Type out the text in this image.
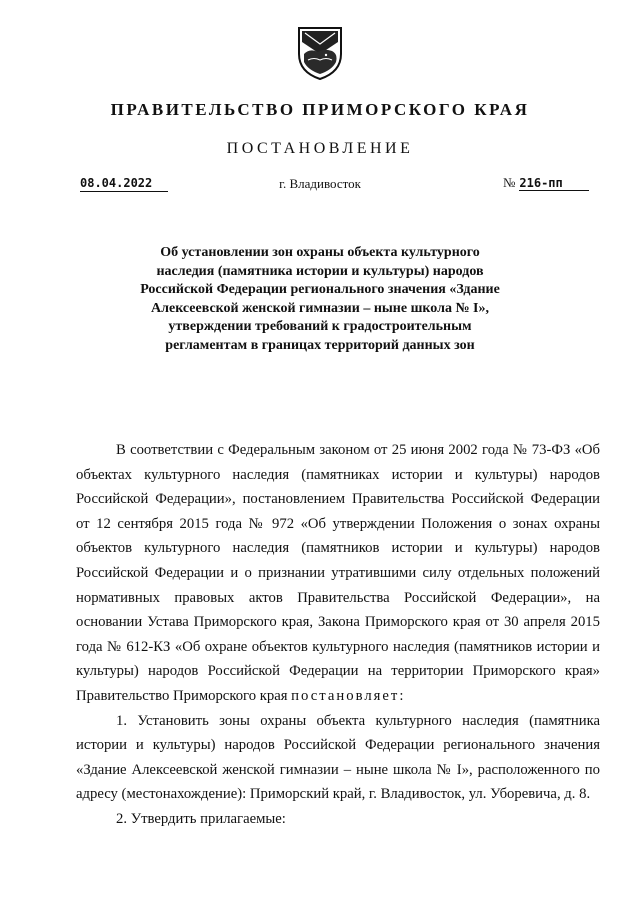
ПРАВИТЕЛЬСТВО ПРИМОРСКОГО КРАЯ
ПОСТАНОВЛЕНИЕ
08.04.2022	г. Владивосток	№ 216-пп
Об установлении зон охраны объекта культурного наследия (памятника истории и культуры) народов Российской Федерации регионального значения «Здание Алексеевской женской гимназии – ныне школа № I», утверждении требований к градостроительным регламентам в границах территорий данных зон

В соответствии с Федеральным законом от 25 июня 2002 года № 73-ФЗ «Об объектах культурного наследия (памятниках истории и культуры) народов Российской Федерации», постановлением Правительства Российской Федерации от 12 сентября 2015 года № 972 «Об утверждении Положения о зонах охраны объектов культурного наследия (памятников истории и культуры) народов Российской Федерации и о признании утратившими силу отдельных положений нормативных правовых актов Правительства Российской Федерации», на основании Устава Приморского края, Закона Приморского края от 30 апреля 2015 года № 612-КЗ «Об охране объектов культурного наследия (памятников истории и культуры) народов Российской Федерации на территории Приморского края» Правительство Приморского края постановляет:

1. Установить зоны охраны объекта культурного наследия (памятника истории и культуры) народов Российской Федерации регионального значения «Здание Алексеевской женской гимназии – ныне школа № I», расположенного по адресу (местонахождение): Приморский край, г. Владивосток, ул. Уборевича, д. 8.

2. Утвердить прилагаемые:
